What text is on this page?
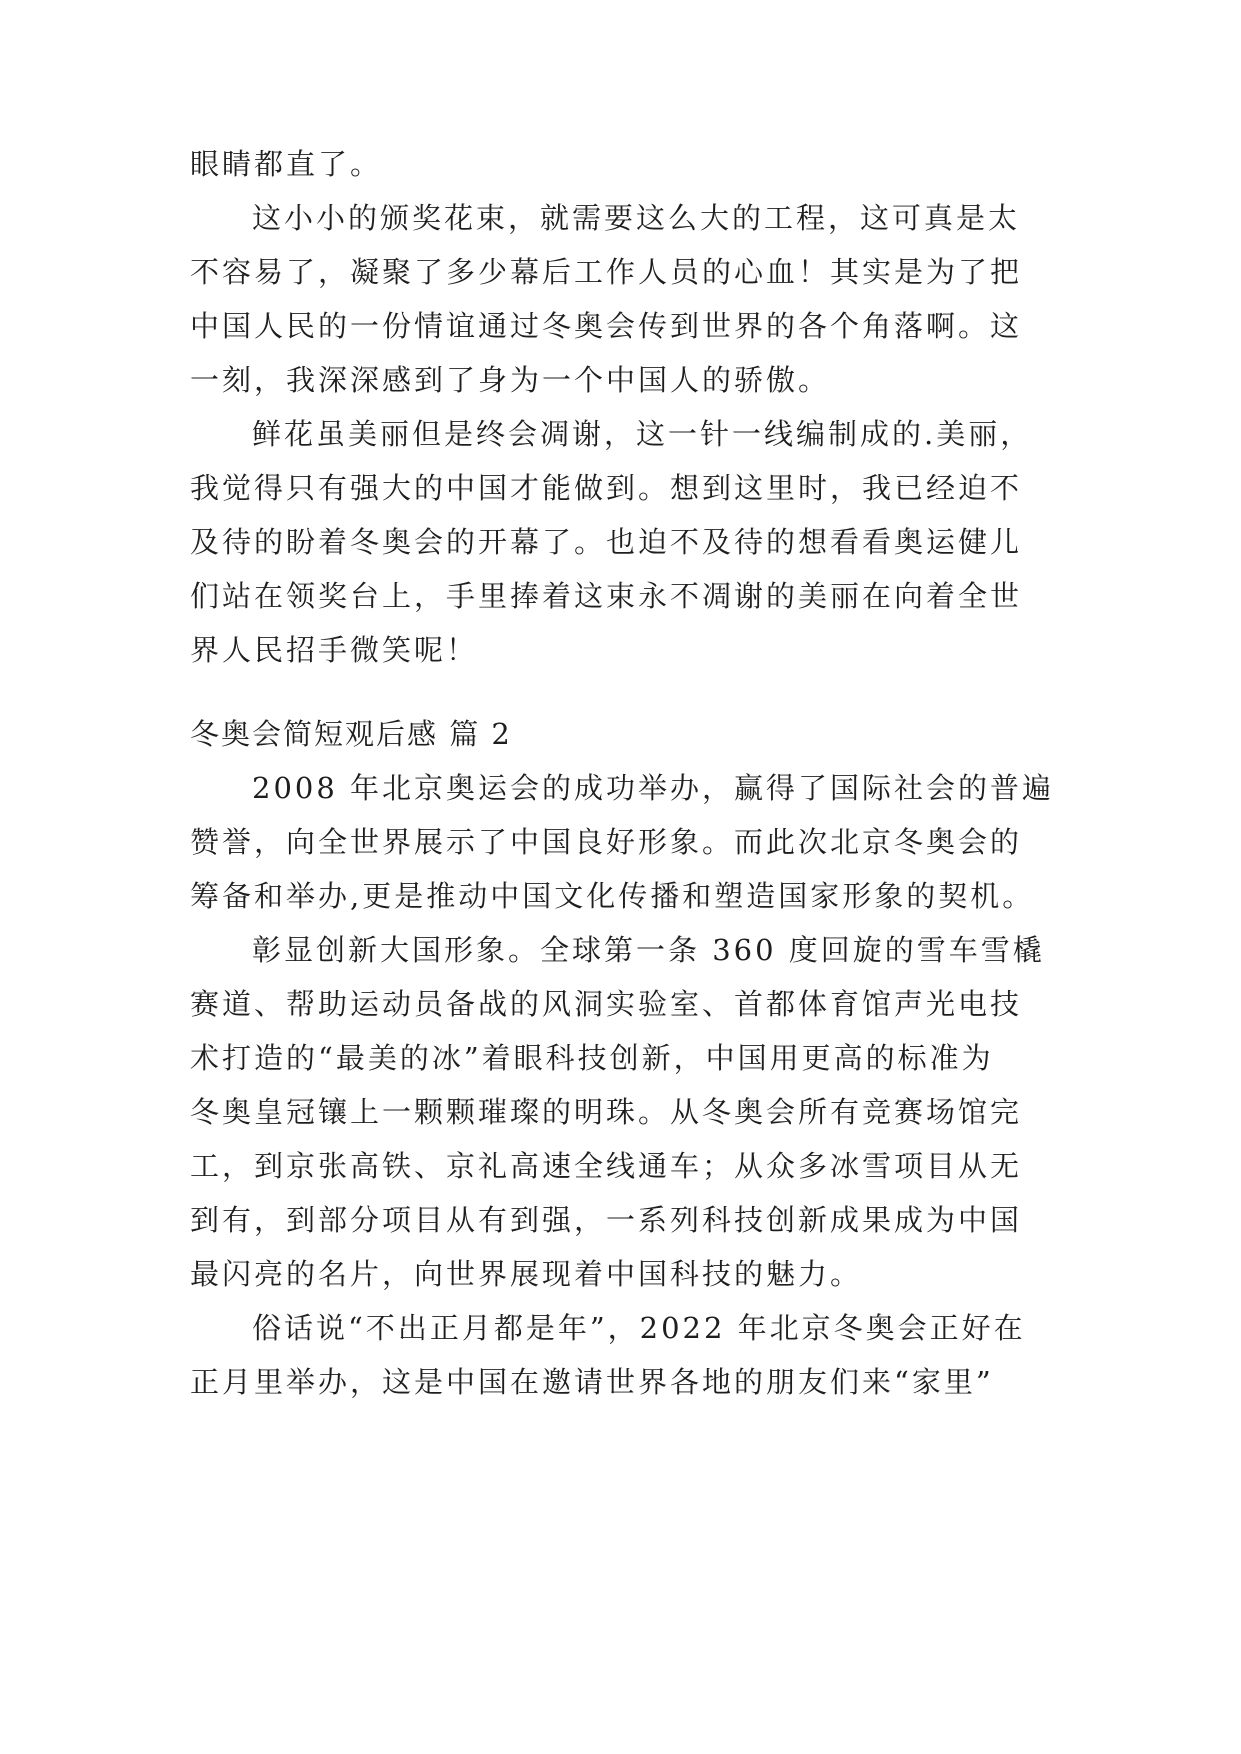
眼睛都直了。
这小小的颁奖花束，就需要这么大的工程，这可真是太
不容易了，凝聚了多少幕后工作人员的心血！其实是为了把
中国人民的一份情谊通过冬奥会传到世界的各个角落啊。这
一刻，我深深感到了身为一个中国人的骄傲。
鲜花虽美丽但是终会凋谢，这一针一线编制成的.美丽，
我觉得只有强大的中国才能做到。想到这里时，我已经迫不
及待的盼着冬奥会的开幕了。也迫不及待的想看看奥运健儿
们站在领奖台上，手里捧着这束永不凋谢的美丽在向着全世
界人民招手微笑呢！
冬奥会简短观后感 篇 2
2008 年北京奥运会的成功举办，赢得了国际社会的普遍
赞誉，向全世界展示了中国良好形象。而此次北京冬奥会的
筹备和举办,更是推动中国文化传播和塑造国家形象的契机。
彰显创新大国形象。全球第一条 360 度回旋的雪车雪橇
赛道、帮助运动员备战的风洞实验室、首都体育馆声光电技
术打造的“最美的冰”着眼科技创新，中国用更高的标准为
冬奥皇冠镶上一颗颗璀璨的明珠。从冬奥会所有竞赛场馆完
工，到京张高铁、京礼高速全线通车；从众多冰雪项目从无
到有，到部分项目从有到强，一系列科技创新成果成为中国
最闪亮的名片，向世界展现着中国科技的魅力。
俗话说“不出正月都是年”，2022 年北京冬奥会正好在
正月里举办，这是中国在邀请世界各地的朋友们来“家里”
